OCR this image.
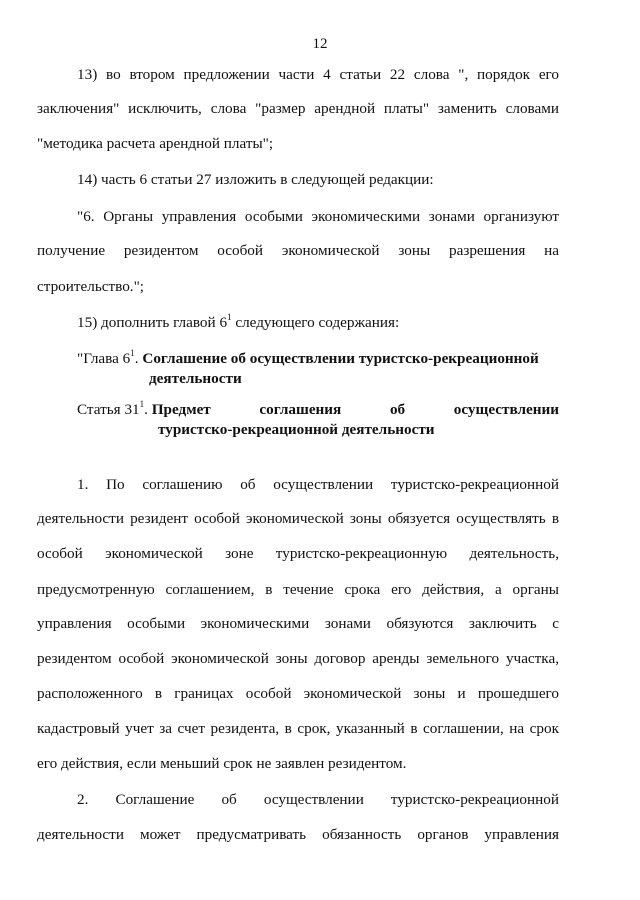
12

13) во втором предложении части 4 статьи 22 слова ", порядок его

заключения" исключить, слова "размер арендной платы" заменить словами

"методика расчета арендной платы";

14) часть 6 статьи 27 изложить в следующей редакции:

"6. Органы управления особыми экономическими зонами организуют

получение резидентом особой экономической зоны разрешения на

строительство.";

15) дополнить главой $6^1$ следующего содержания:

"Глава $6^1$. Соглашение об осуществлении туристско-рекреационной
деятельности
Статья $31^1$. Предмет	соглашения	об	осуществлении
туристско-рекреационной деятельности

1. По соглашению об осуществлении туристско-рекреационной

деятельности резидент особой экономической зоны обязуется осуществлять в

особой экономической зоне туристско-рекреационную деятельность,

предусмотренную соглашением, в течение срока его действия, а органы

управления особыми экономическими зонами обязуются заключить с

резидентом особой экономической зоны договор аренды земельного участка,

расположенного в границах особой экономической зоны и прошедшего

кадастровый учет за счет резидента, в срок, указанный в соглашении, на срок

его действия, если меньший срок не заявлен резидентом.

2. Соглашение об осуществлении туристско-рекреационной

деятельности может предусматривать обязанность органов управления
